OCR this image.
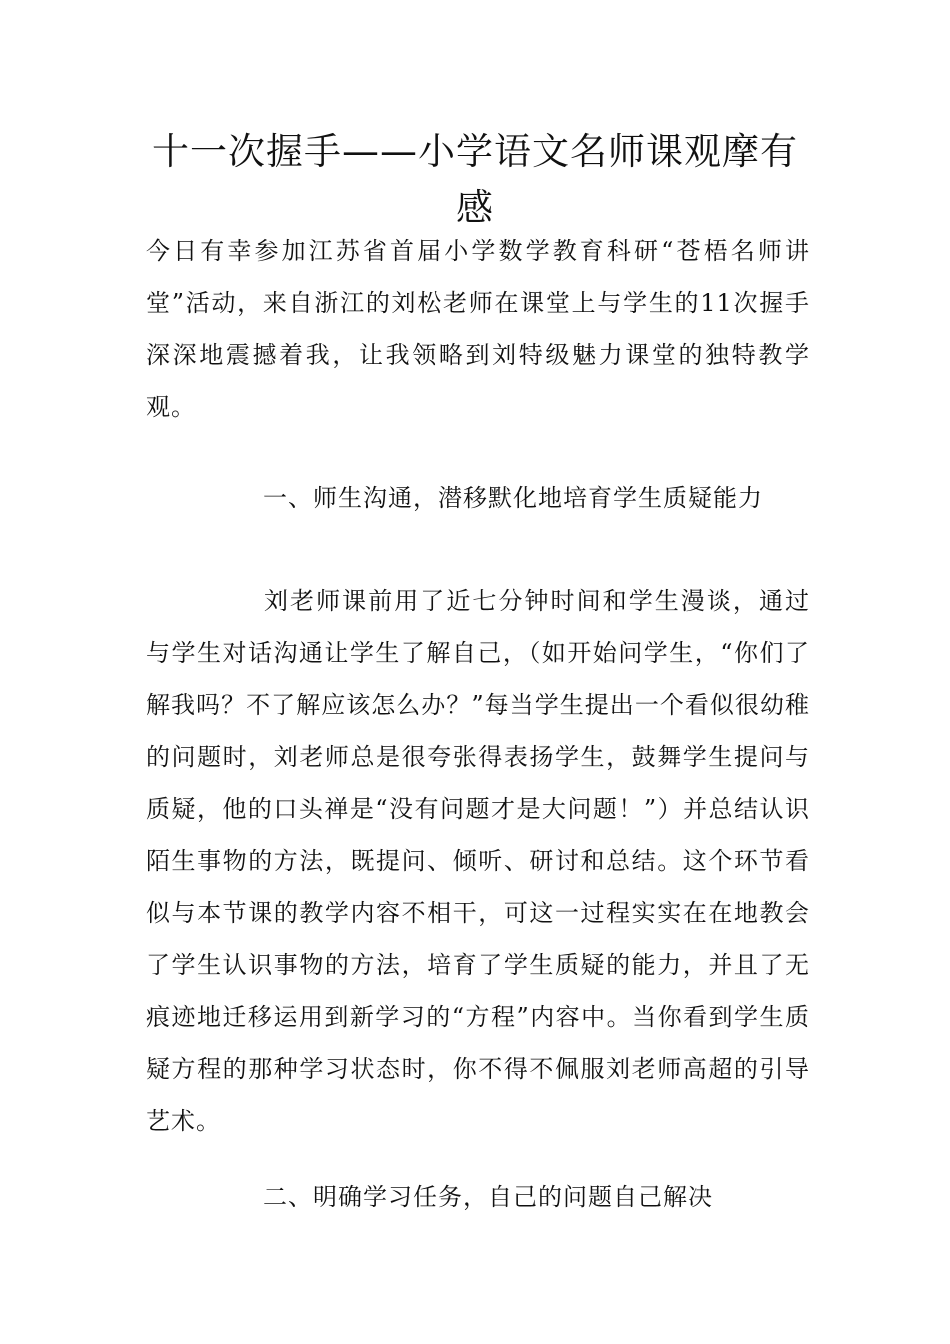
十一次握手——小学语文名师课观摩有感

今日有幸参加江苏省首届小学数学教育科研“苍梧名师讲堂”活动，来自浙江的刘松老师在课堂上与学生的11次握手深深地震撼着我，让我领略到刘特级魅力课堂的独特教学观。

一、师生沟通，潜移默化地培育学生质疑能力

刘老师课前用了近七分钟时间和学生漫谈，通过与学生对话沟通让学生了解自己，（如开始问学生，“你们了解我吗？不了解应该怎么办？”每当学生提出一个看似很幼稚的问题时，刘老师总是很夸张得表扬学生，鼓舞学生提问与质疑，他的口头禅是“没有问题才是大问题！”）并总结认识陌生事物的方法，既提问、倾听、研讨和总结。这个环节看似与本节课的教学内容不相干，可这一过程实实在在地教会了学生认识事物的方法，培育了学生质疑的能力，并且了无痕迹地迁移运用到新学习的“方程”内容中。当你看到学生质疑方程的那种学习状态时，你不得不佩服刘老师高超的引导艺术。

二、明确学习任务，自己的问题自己解决
